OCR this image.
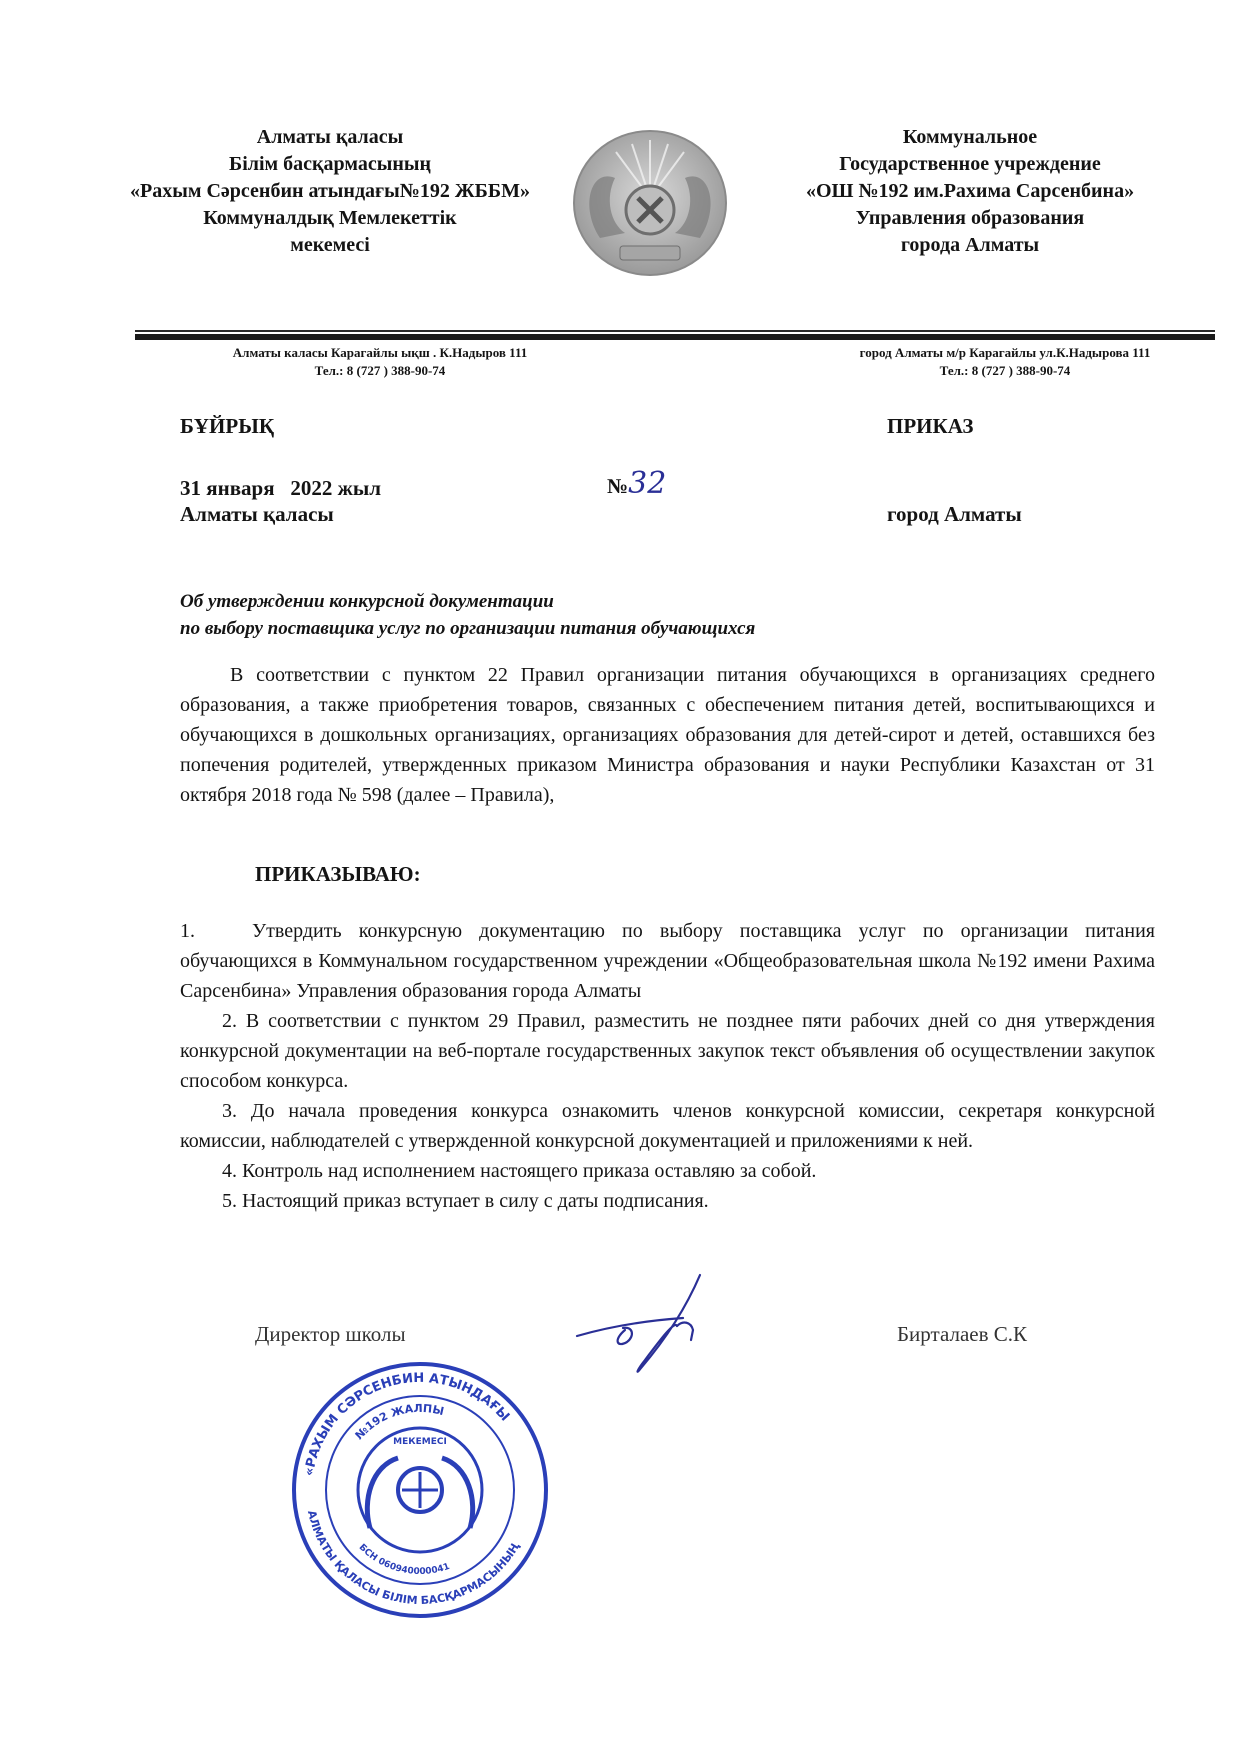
Алматы қаласы
Білім басқармасының
«Рахым Сәрсенбин атындағы№192 ЖББМ»
Коммуналдық Мемлекеттік
мекемесі
Коммунальное
Государственное учреждение
«ОШ №192 им.Рахима Сарсенбина»
Управления образования
города Алматы
Алматы каласы Карагайлы ықш . К.Надыров 111
Тел.: 8 (727 ) 388-90-74
город Алматы м/р Карагайлы ул.К.Надырова 111
Тел.: 8 (727 ) 388-90-74
БҰЙРЫҚ	ПРИКАЗ
31 января   2022 жыл	№32
Алматы қаласы	город Алматы
Об утверждении конкурсной документации
по выбору поставщика услуг по организации питания обучающихся
В соответствии с пунктом 22 Правил организации питания обучающихся в организациях среднего образования, а также приобретения товаров, связанных с обеспечением питания детей, воспитывающихся и обучающихся в дошкольных организациях, организациях образования для детей-сирот и детей, оставшихся без попечения родителей, утвержденных приказом Министра образования и науки Республики Казахстан от 31 октября 2018 года № 598 (далее – Правила),
ПРИКАЗЫВАЮ:

1.	Утвердить конкурсную документацию по выбору поставщика услуг по организации питания обучающихся в Коммунальном государственном учреждении «Общеобразовательная школа №192 имени Рахима Сарсенбина» Управления образования города Алматы

2. В соответствии с пунктом 29 Правил, разместить не позднее пяти рабочих дней со дня утверждения конкурсной документации на веб-портале государственных закупок текст объявления об осуществлении закупок способом конкурса.

3. До начала проведения конкурса ознакомить членов конкурсной комиссии, секретаря конкурсной комиссии, наблюдателей с утвержденной конкурсной документацией и приложениями к ней.

4. Контроль над исполнением настоящего приказа оставляю за собой.

5. Настоящий приказ вступает в силу с даты подписания.

Директор школы	Бирталаев С.К
«РАХЫМ СӘРСЕНБИН АТЫНДАҒЫ
АЛМАТЫ ҚАЛАСЫ БІЛІМ БАСҚАРМАСЫНЫҢ
№192 ЖАЛПЫ
БСН 060940000041
МЕКЕМЕСІ
